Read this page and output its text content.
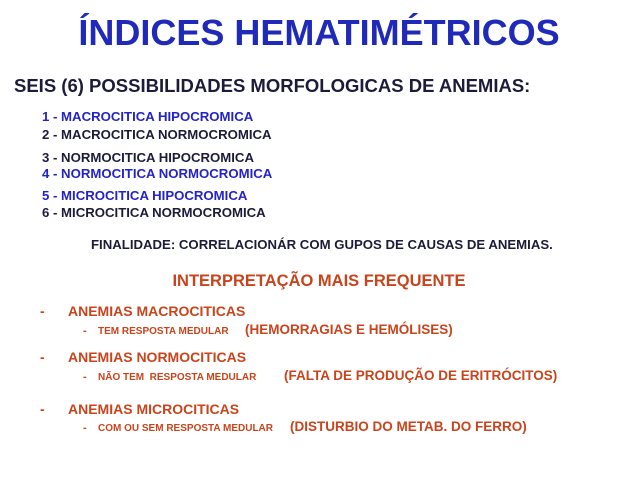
ÍNDICES HEMATIMÉTRICOS
SEIS (6) POSSIBILIDADES MORFOLOGICAS DE ANEMIAS:
1 - MACROCITICA HIPOCROMICA
2 - MACROCITICA NORMOCROMICA
3 - NORMOCITICA HIPOCROMICA
4 - NORMOCITICA NORMOCROMICA
5 - MICROCITICA HIPOCROMICA
6 - MICROCITICA NORMOCROMICA
FINALIDADE: CORRELACIONÁR COM GUPOS DE CAUSAS DE ANEMIAS.
INTERPRETAÇÃO MAIS FREQUENTE
- ANEMIAS MACROCITICAS
- TEM RESPOSTA MEDULAR (HEMORRAGIAS E HEMÓLISES)
- ANEMIAS NORMOCITICAS
- NÃO TEM  RESPOSTA MEDULAR (FALTA DE PRODUÇÃO DE ERITRÓCITOS)
- ANEMIAS MICROCITICAS
- COM OU SEM RESPOSTA MEDULAR (DISTURBIO DO METAB. DO FERRO)
